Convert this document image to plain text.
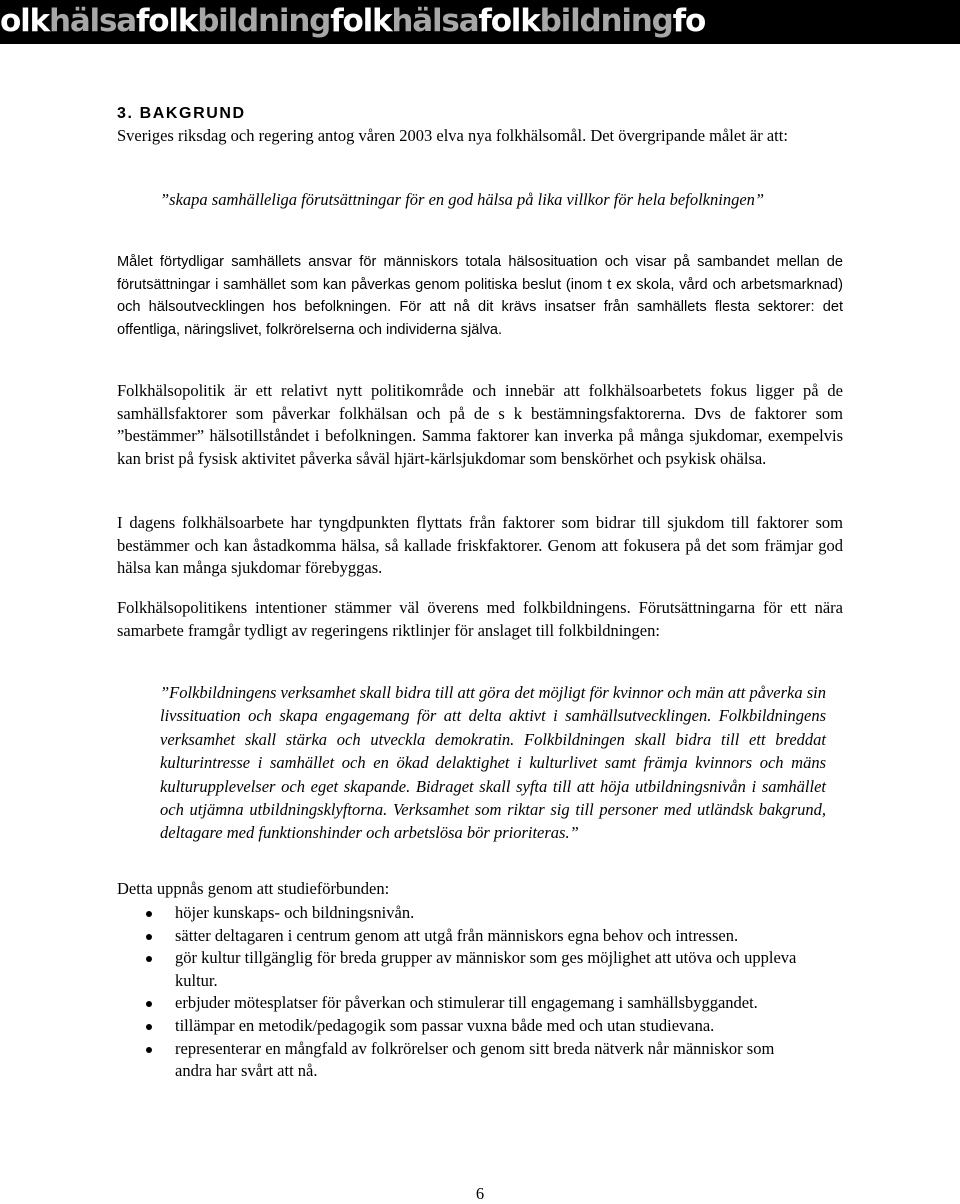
olkhälsafolkbildningfolkhälsafolkbildningfo
3. BAKGRUND

Sveriges riksdag och regering antog våren 2003 elva nya folkhälsomål. Det övergripande målet är att:

”skapa samhälleliga förutsättningar för en god hälsa på lika villkor för hela befolkningen”

Målet förtydligar samhällets ansvar för människors totala hälsosituation och visar på sambandet mellan de förutsättningar i samhället som kan påverkas genom politiska beslut (inom t ex skola, vård och arbetsmarknad) och hälsoutvecklingen hos befolkningen. För att nå dit krävs insatser från samhällets flesta sektorer: det offentliga, näringslivet, folkrörelserna och individerna själva.

Folkhälsopolitik är ett relativt nytt politikområde och innebär att folkhälsoarbetets fokus ligger på de samhällsfaktorer som påverkar folkhälsan och på de s k bestämningsfaktorerna. Dvs de faktorer som ”bestämmer” hälsotillståndet i befolkningen. Samma faktorer kan inverka på många sjukdomar, exempelvis kan brist på fysisk aktivitet påverka såväl hjärt-kärlsjukdomar som benskörhet och psykisk ohälsa.

I dagens folkhälsoarbete har tyngdpunkten flyttats från faktorer som bidrar till sjukdom till faktorer som bestämmer och kan åstadkomma hälsa, så kallade friskfaktorer. Genom att fokusera på det som främjar god hälsa kan många sjukdomar förebyggas.

Folkhälsopolitikens intentioner stämmer väl överens med folkbildningens. Förutsättningarna för ett nära samarbete framgår tydligt av regeringens riktlinjer för anslaget till folkbildningen:

”Folkbildningens verksamhet skall bidra till att göra det möjligt för kvinnor och män att påverka sin livssituation och skapa engagemang för att delta aktivt i samhällsutvecklingen. Folkbildningens verksamhet skall stärka och utveckla demokratin. Folkbildningen skall bidra till ett breddat kulturintresse i samhället och en ökad delaktighet i kulturlivet samt främja kvinnors och mäns kulturupplevelser och eget skapande. Bidraget skall syfta till att höja utbildningsnivån i samhället och utjämna utbildningsklyftorna. Verksamhet som riktar sig till personer med utländsk bakgrund, deltagare med funktionshinder och arbetslösa bör prioriteras.”

Detta uppnås genom att studieförbunden:

höjer kunskaps- och bildningsnivån.
sätter deltagaren i centrum genom att utgå från människors egna behov och intressen.
gör kultur tillgänglig för breda grupper av människor som ges möjlighet att utöva och uppleva kultur.
erbjuder mötesplatser för påverkan och stimulerar till engagemang i samhällsbyggandet.
tillämpar en metodik/pedagogik som passar vuxna både med och utan studievana.
representerar en mångfald av folkrörelser och genom sitt breda nätverk når människor som andra har svårt att nå.

6
